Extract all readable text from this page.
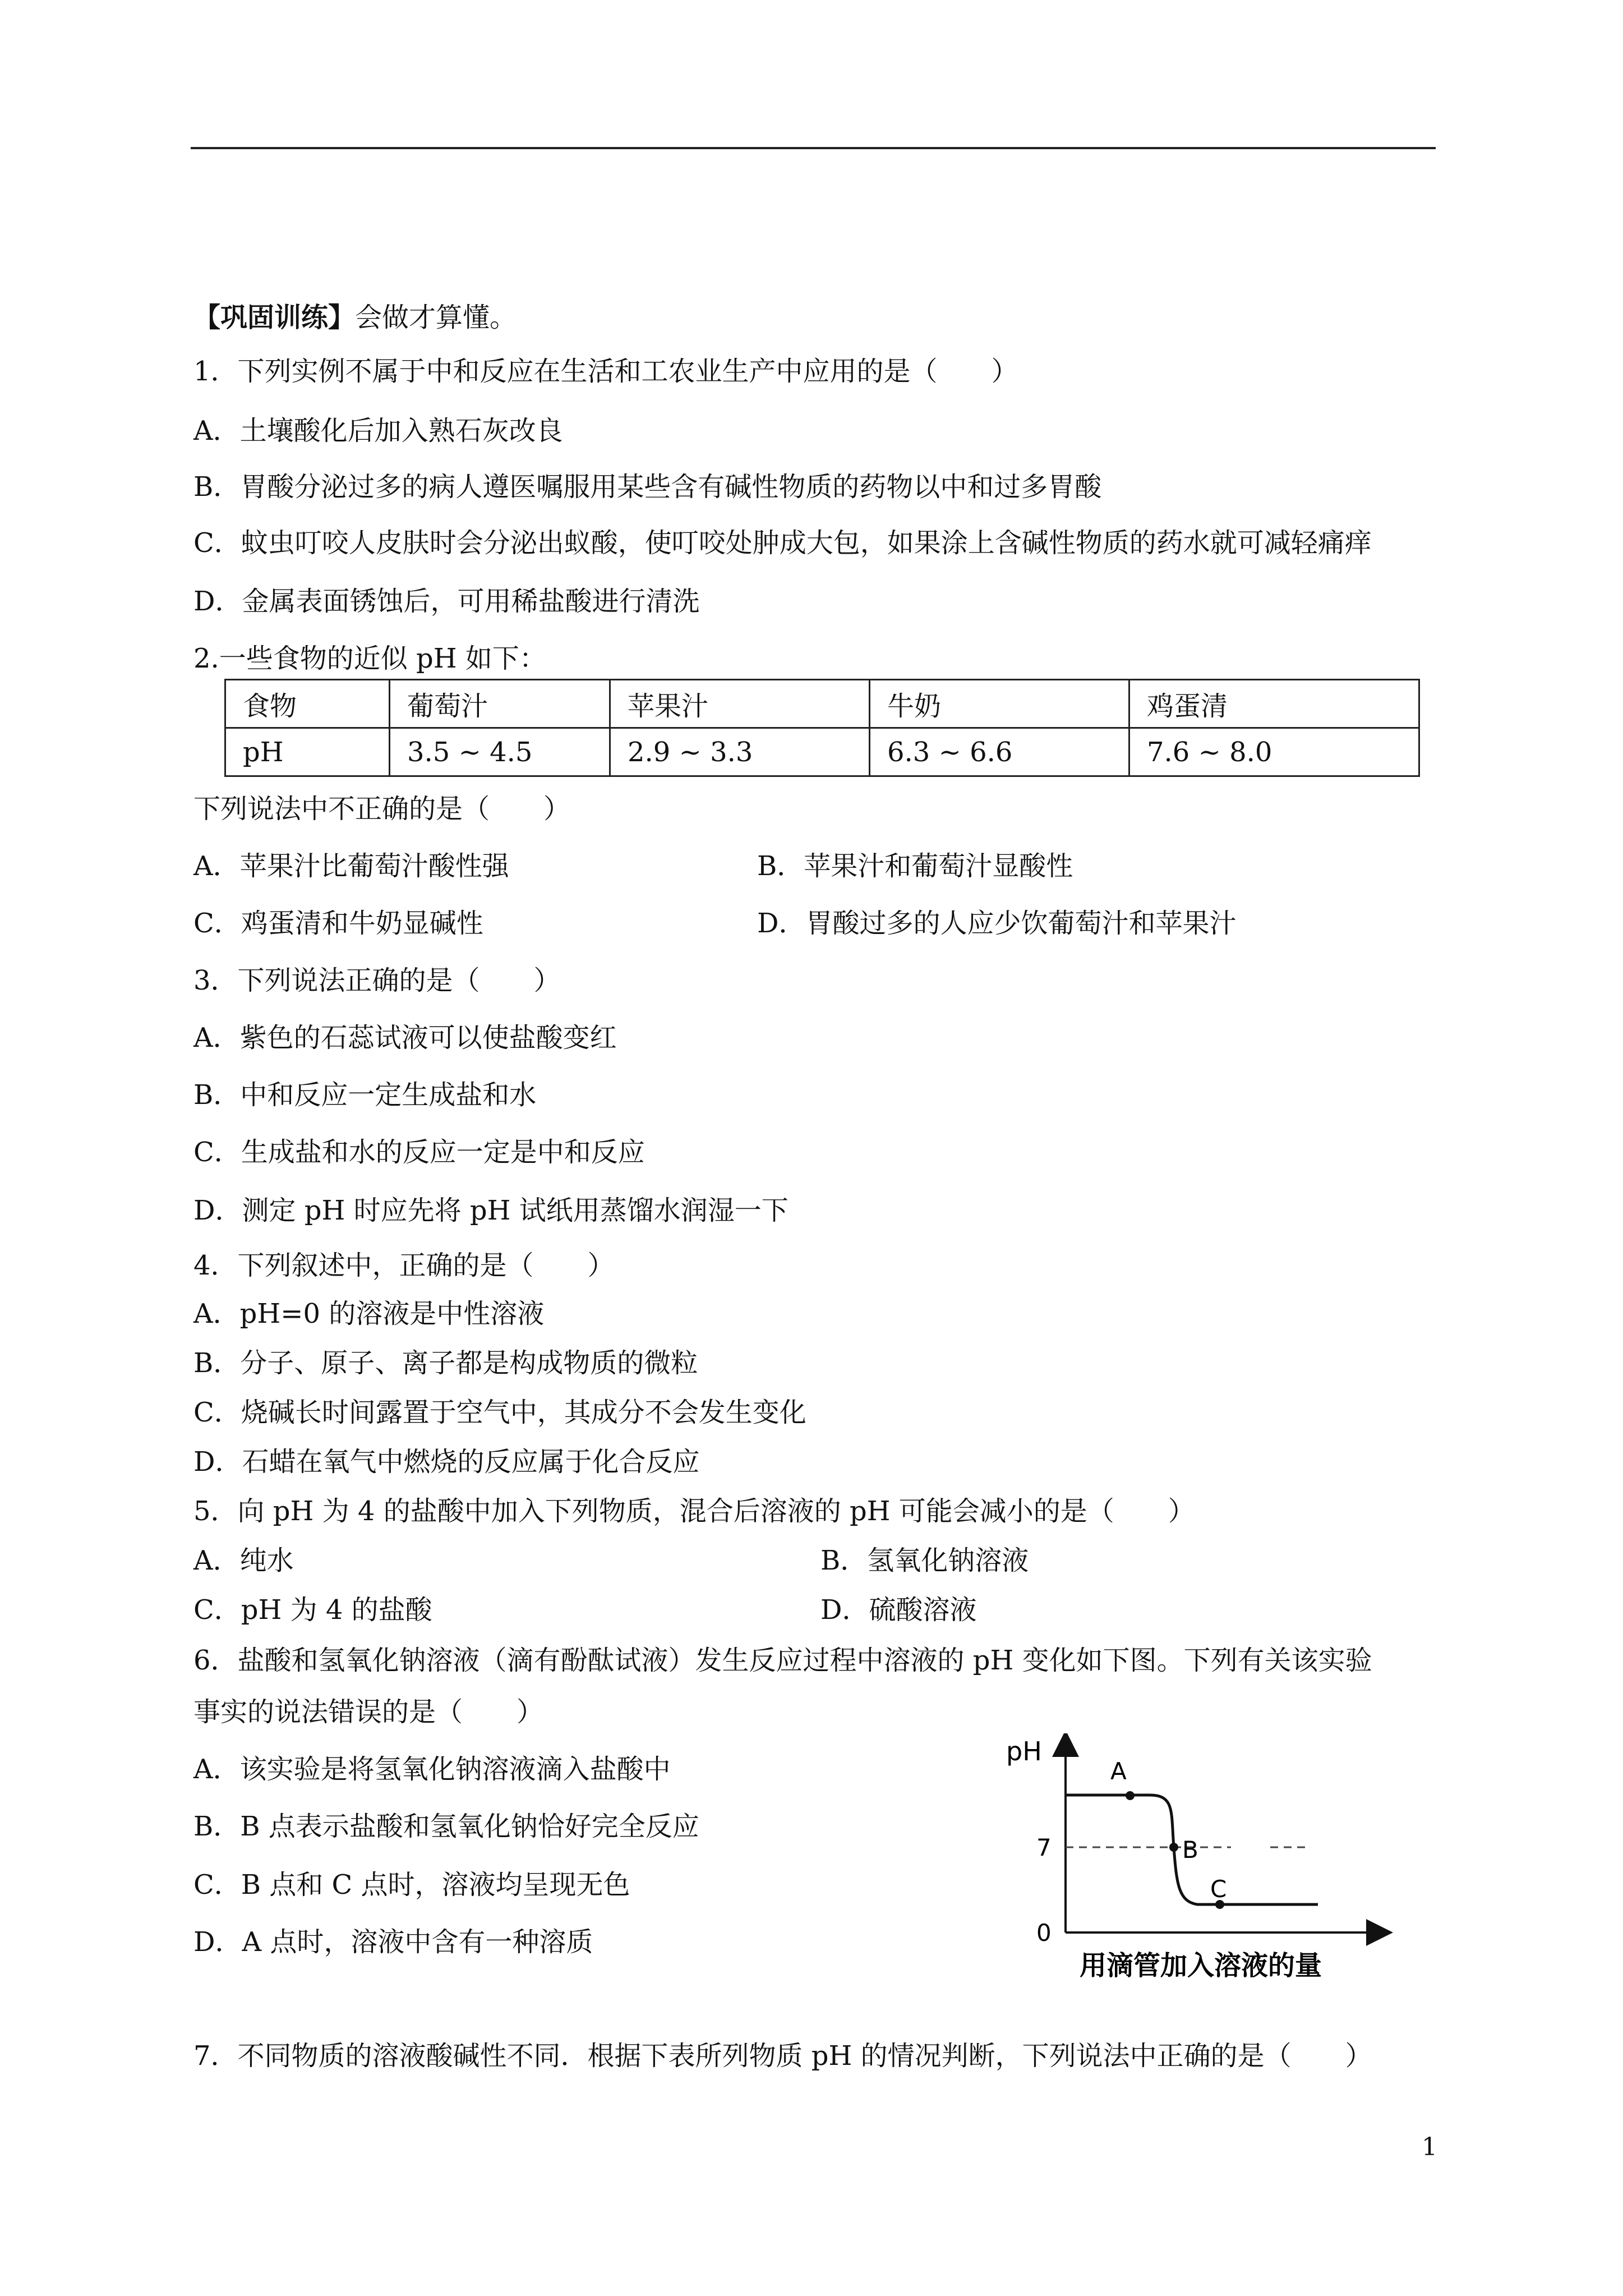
【巩固训练】会做才算懂。
1．下列实例不属于中和反应在生活和工农业生产中应用的是（　　）
A．土壤酸化后加入熟石灰改良
B．胃酸分泌过多的病人遵医嘱服用某些含有碱性物质的药物以中和过多胃酸
C．蚊虫叮咬人皮肤时会分泌出蚁酸，使叮咬处肿成大包，如果涂上含碱性物质的药水就可减轻痛痒
D．金属表面锈蚀后，可用稀盐酸进行清洗
2.一些食物的近似 pH 如下：
食物	葡萄汁	苹果汁	牛奶	鸡蛋清
pH	3.5 ~ 4.5	2.9 ~ 3.3	6.3 ~ 6.6	7.6 ~ 8.0
下列说法中不正确的是（　　）
A．苹果汁比葡萄汁酸性强	B．苹果汁和葡萄汁显酸性
C．鸡蛋清和牛奶显碱性	D．胃酸过多的人应少饮葡萄汁和苹果汁
3．下列说法正确的是（　　）
A．紫色的石蕊试液可以使盐酸变红
B．中和反应一定生成盐和水
C．生成盐和水的反应一定是中和反应
D．测定 pH 时应先将 pH 试纸用蒸馏水润湿一下
4．下列叙述中，正确的是（　　）
A．pH=0 的溶液是中性溶液
B．分子、原子、离子都是构成物质的微粒
C．烧碱长时间露置于空气中，其成分不会发生变化
D．石蜡在氧气中燃烧的反应属于化合反应
5．向 pH 为 4 的盐酸中加入下列物质，混合后溶液的 pH 可能会减小的是（　　）
A．纯水	B．氢氧化钠溶液
C．pH 为 4 的盐酸	D．硫酸溶液
6．盐酸和氢氧化钠溶液（滴有酚酞试液）发生反应过程中溶液的 pH 变化如下图。下列有关该实验
事实的说法错误的是（　　）
A．该实验是将氢氧化钠溶液滴入盐酸中
B．B 点表示盐酸和氢氧化钠恰好完全反应
C．B 点和 C 点时，溶液均呈现无色
D．A 点时，溶液中含有一种溶质
pH
7
0
A
B
C
用滴管加入溶液的量
7．不同物质的溶液酸碱性不同．根据下表所列物质 pH 的情况判断，下列说法中正确的是（　　）
1
